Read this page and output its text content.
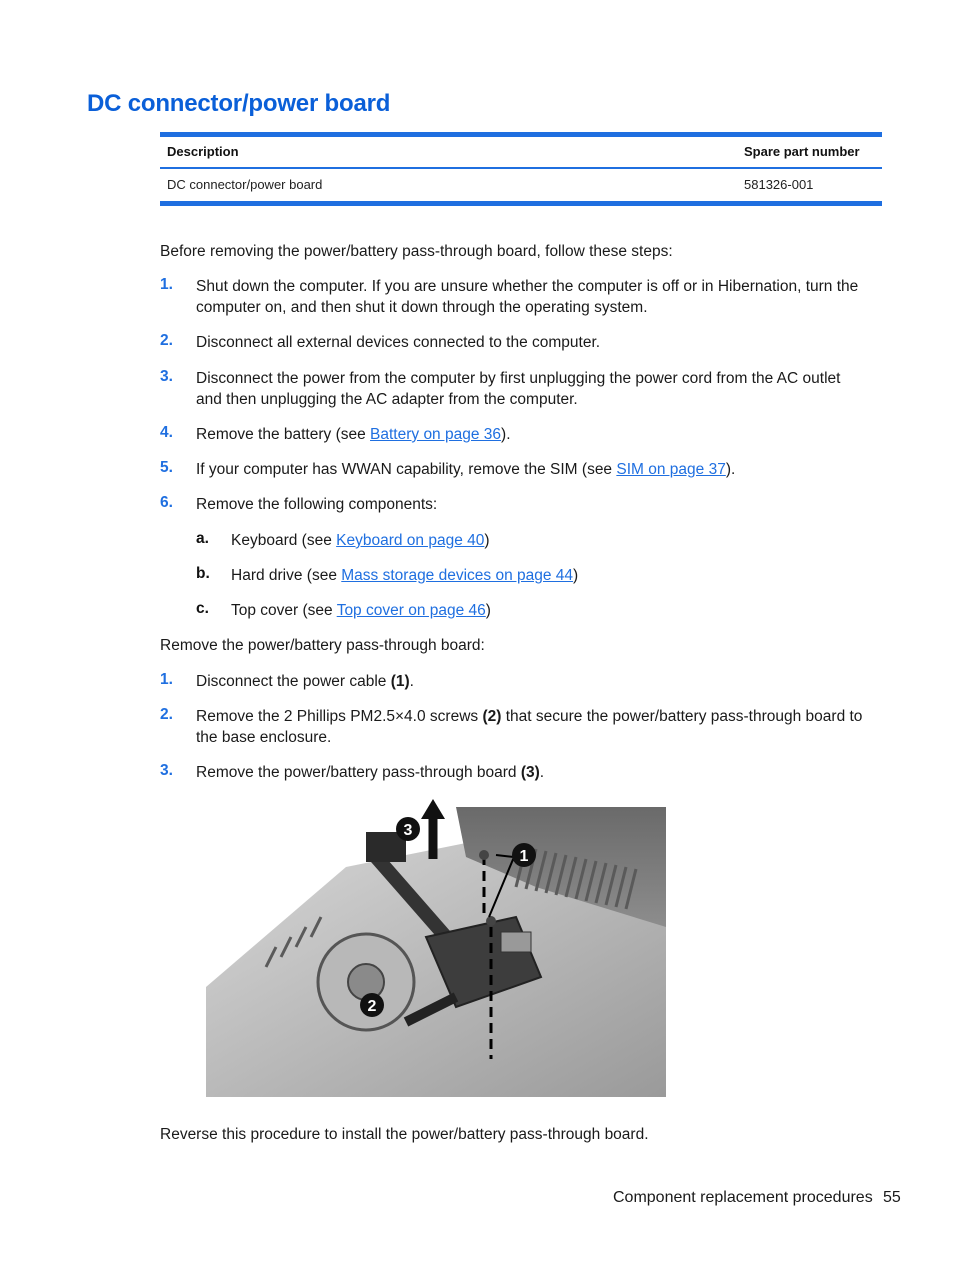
DC connector/power board
Description	Spare part number
DC connector/power board	581326-001
Before removing the power/battery pass-through board, follow these steps:
1. Shut down the computer. If you are unsure whether the computer is off or in Hibernation, turn the
computer on, and then shut it down through the operating system.
2. Disconnect all external devices connected to the computer.
3. Disconnect the power from the computer by first unplugging the power cord from the AC outlet
and then unplugging the AC adapter from the computer.
4. Remove the battery (see Battery on page 36).
5. If your computer has WWAN capability, remove the SIM (see SIM on page 37).
6. Remove the following components:
a. Keyboard (see Keyboard on page 40)
b. Hard drive (see Mass storage devices on page 44)
c. Top cover (see Top cover on page 46)
Remove the power/battery pass-through board:
1. Disconnect the power cable (1).
2. Remove the 2 Phillips PM2.5×4.0 screws (2) that secure the power/battery pass-through board to
the base enclosure.
3. Remove the power/battery pass-through board (3).
1
2
3
Reverse this procedure to install the power/battery pass-through board.
Component replacement procedures 55
